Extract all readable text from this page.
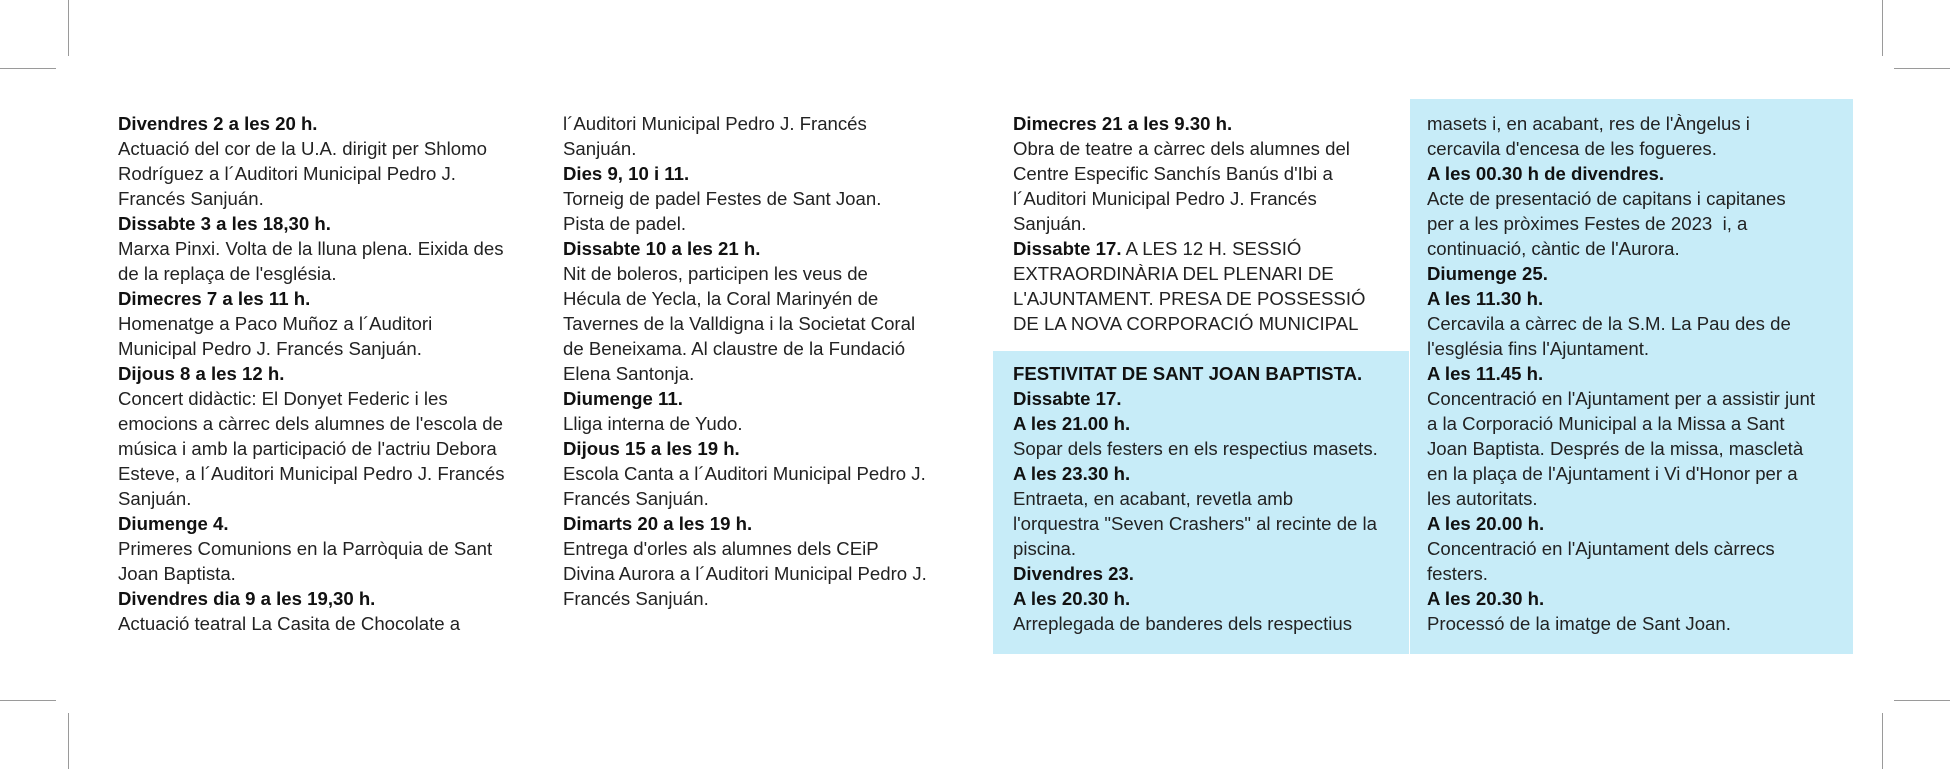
Divendres 2 a les 20 h.

Actuació del cor de la U.A. dirigit per Shlomo

Rodríguez a l´Auditori Municipal Pedro J.

Francés Sanjuán.

Dissabte 3 a les 18,30 h.

Marxa Pinxi. Volta de la lluna plena. Eixida des

de la replaça de l'església.

Dimecres 7 a les 11 h.

Homenatge a Paco Muñoz a l´Auditori

Municipal Pedro J. Francés Sanjuán.

Dijous 8 a les 12 h.

Concert didàctic: El Donyet Federic i les

emocions a càrrec dels alumnes de l'escola de

música i amb la participació de l'actriu Debora

Esteve, a l´Auditori Municipal Pedro J. Francés

Sanjuán.

Diumenge 4.

Primeres Comunions en la Parròquia de Sant

Joan Baptista.

Divendres dia 9 a les 19,30 h.

Actuació teatral La Casita de Chocolate a

l´Auditori Municipal Pedro J. Francés

Sanjuán.

Dies 9, 10 i 11.

Torneig de padel Festes de Sant Joan.

Pista de padel.

Dissabte 10 a les 21 h.

Nit de boleros, participen les veus de

Hécula de Yecla, la Coral Marinyén de

Tavernes de la Valldigna i la Societat Coral

de Beneixama. Al claustre de la Fundació

Elena Santonja.

Diumenge 11.

Lliga interna de Yudo.

Dijous 15 a les 19 h.

Escola Canta a l´Auditori Municipal Pedro J.

Francés Sanjuán.

Dimarts 20 a les 19 h.

Entrega d'orles als alumnes dels CEiP

Divina Aurora a l´Auditori Municipal Pedro J.

Francés Sanjuán.

Dimecres 21 a les 9.30 h.

Obra de teatre a càrrec dels alumnes del

Centre Especific Sanchís Banús d'Ibi a

l´Auditori Municipal Pedro J. Francés

Sanjuán.

Dissabte 17. A LES 12 H. SESSIÓ

EXTRAORDINÀRIA DEL PLENARI DE

L'AJUNTAMENT. PRESA DE POSSESSIÓ

DE LA NOVA CORPORACIÓ MUNICIPAL

FESTIVITAT DE SANT JOAN BAPTISTA.

Dissabte 17.

A les 21.00 h.

Sopar dels festers en els respectius masets.

A les 23.30 h.

Entraeta, en acabant, revetla amb

l'orquestra "Seven Crashers" al recinte de la

piscina.

Divendres 23.

A les 20.30 h.

Arreplegada de banderes dels respectius

masets i, en acabant, res de l'Àngelus i

cercavila d'encesa de les fogueres.

A les 00.30 h de divendres.

Acte de presentació de capitans i capitanes

per a les pròximes Festes de 2023  i, a

continuació, càntic de l'Aurora.

Diumenge 25.

A les 11.30 h.

Cercavila a càrrec de la S.M. La Pau des de

l'església fins l'Ajuntament.

A les 11.45 h.

Concentració en l'Ajuntament per a assistir junt

a la Corporació Municipal a la Missa a Sant

Joan Baptista. Després de la missa, mascletà

en la plaça de l'Ajuntament i Vi d'Honor per a

les autoritats.

A les 20.00 h.

Concentració en l'Ajuntament dels càrrecs

festers.

A les 20.30 h.

Processó de la imatge de Sant Joan.
